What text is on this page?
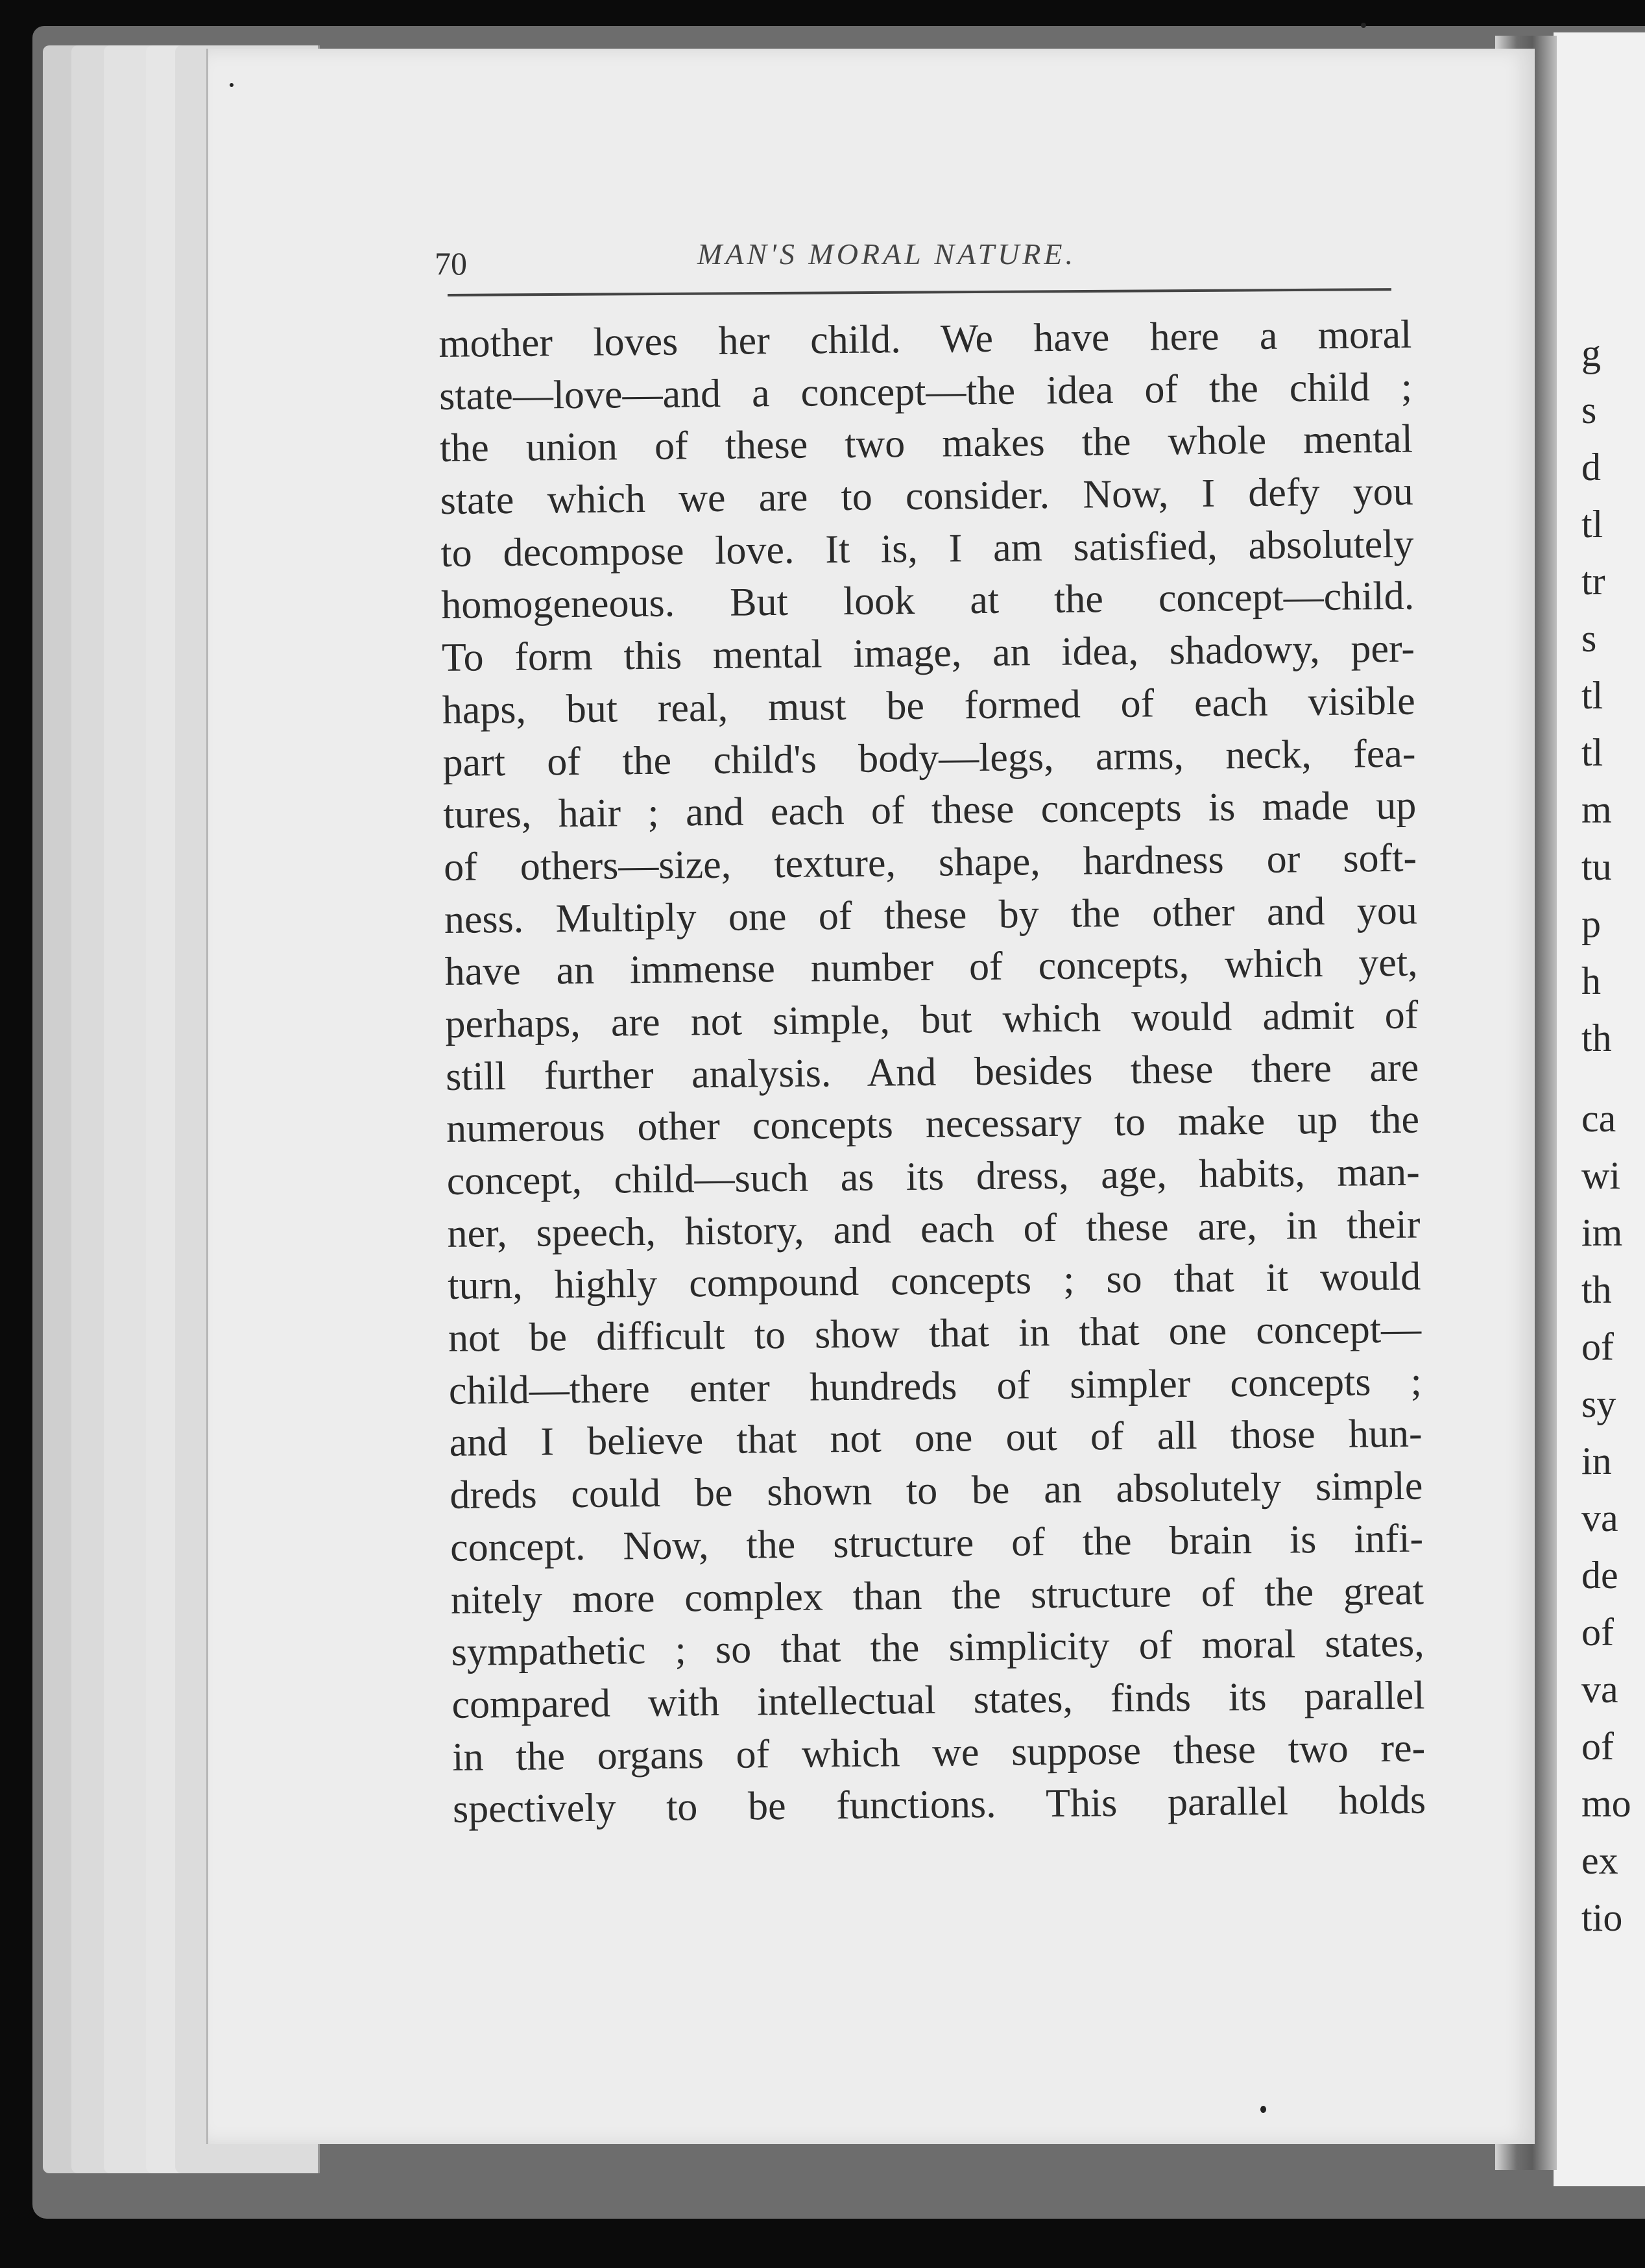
70	MAN'S MORAL NATURE.
mother loves her child. We have here a moral
state—love—and a concept—the idea of the child ;
the union of these two makes the whole mental
state which we are to consider. Now, I defy you
to decompose love. It is, I am satisfied, absolutely
homogeneous. But look at the concept—child.
To form this mental image, an idea, shadowy, per-
haps, but real, must be formed of each visible
part of the child's body—legs, arms, neck, fea-
tures, hair ; and each of these concepts is made up
of others—size, texture, shape, hardness or soft-
ness. Multiply one of these by the other and you
have an immense number of concepts, which yet,
perhaps, are not simple, but which would admit of
still further analysis. And besides these there are
numerous other concepts necessary to make up the
concept, child—such as its dress, age, habits, man-
ner, speech, history, and each of these are, in their
turn, highly compound concepts ; so that it would
not be difficult to show that in that one concept—
child—there enter hundreds of simpler concepts ;
and I believe that not one out of all those hun-
dreds could be shown to be an absolutely simple
concept. Now, the structure of the brain is infi-
nitely more complex than the structure of the great
sympathetic ; so that the simplicity of moral states,
compared with intellectual states, finds its parallel
in the organs of which we suppose these two re-
spectively to be functions. This parallel holds
g
s
d
tl
tr
s
tl
tl
m
tu
p
h
th
ca
wi
im
th
of
sy
in
va
de
of
va
of
mo
ex
tio
